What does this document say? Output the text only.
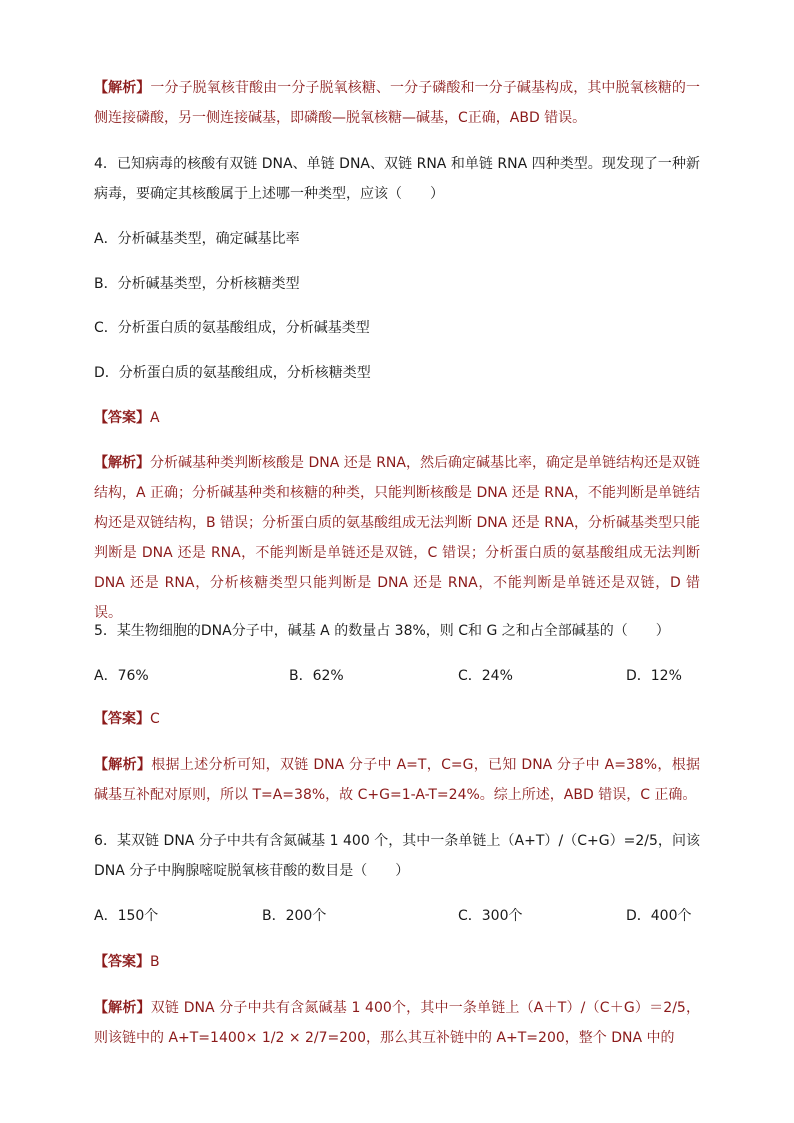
【解析】一分子脱氧核苷酸由一分子脱氧核糖、一分子磷酸和一分子碱基构成，其中脱氧核糖的一侧连接磷酸，另一侧连接碱基，即磷酸—脱氧核糖—碱基，C正确，ABD 错误。
4．已知病毒的核酸有双链 DNA、单链 DNA、双链 RNA 和单链 RNA 四种类型。现发现了一种新病毒，要确定其核酸属于上述哪一种类型，应该（　　）
A．分析碱基类型，确定碱基比率
B．分析碱基类型，分析核糖类型
C．分析蛋白质的氨基酸组成，分析碱基类型
D．分析蛋白质的氨基酸组成，分析核糖类型
【答案】A
【解析】分析碱基种类判断核酸是 DNA 还是 RNA，然后确定碱基比率，确定是单链结构还是双链结构，A 正确；分析碱基种类和核糖的种类，只能判断核酸是 DNA 还是 RNA，不能判断是单链结构还是双链结构，B 错误；分析蛋白质的氨基酸组成无法判断 DNA 还是 RNA，分析碱基类型只能判断是 DNA 还是 RNA，不能判断是单链还是双链，C 错误；分析蛋白质的氨基酸组成无法判断 DNA 还是 RNA，分析核糖类型只能判断是 DNA 还是 RNA，不能判断是单链还是双链，D 错误。
5．某生物细胞的DNA分子中，碱基 A 的数量占 38%，则 C和 G 之和占全部碱基的（　　）
A．76%	B．62%	C．24%	D．12%
【答案】C
【解析】根据上述分析可知，双链 DNA 分子中 A=T，C=G，已知 DNA 分子中 A=38%，根据碱基互补配对原则，所以 T=A=38%，故 C+G=1-A-T=24%。综上所述，ABD 错误，C 正确。
6．某双链 DNA 分子中共有含氮碱基 1 400 个，其中一条单链上（A+T）/（C+G）=2/5，问该 DNA 分子中胸腺嘧啶脱氧核苷酸的数目是（　　）
A．150个	B．200个	C．300个	D．400个
【答案】B
【解析】双链 DNA 分子中共有含氮碱基 1 400个，其中一条单链上（A＋T）/（C＋G）＝2/5，则该链中的 A+T=1400× 1/2 × 2/7=200，那么其互补链中的 A+T=200，整个 DNA 中的
